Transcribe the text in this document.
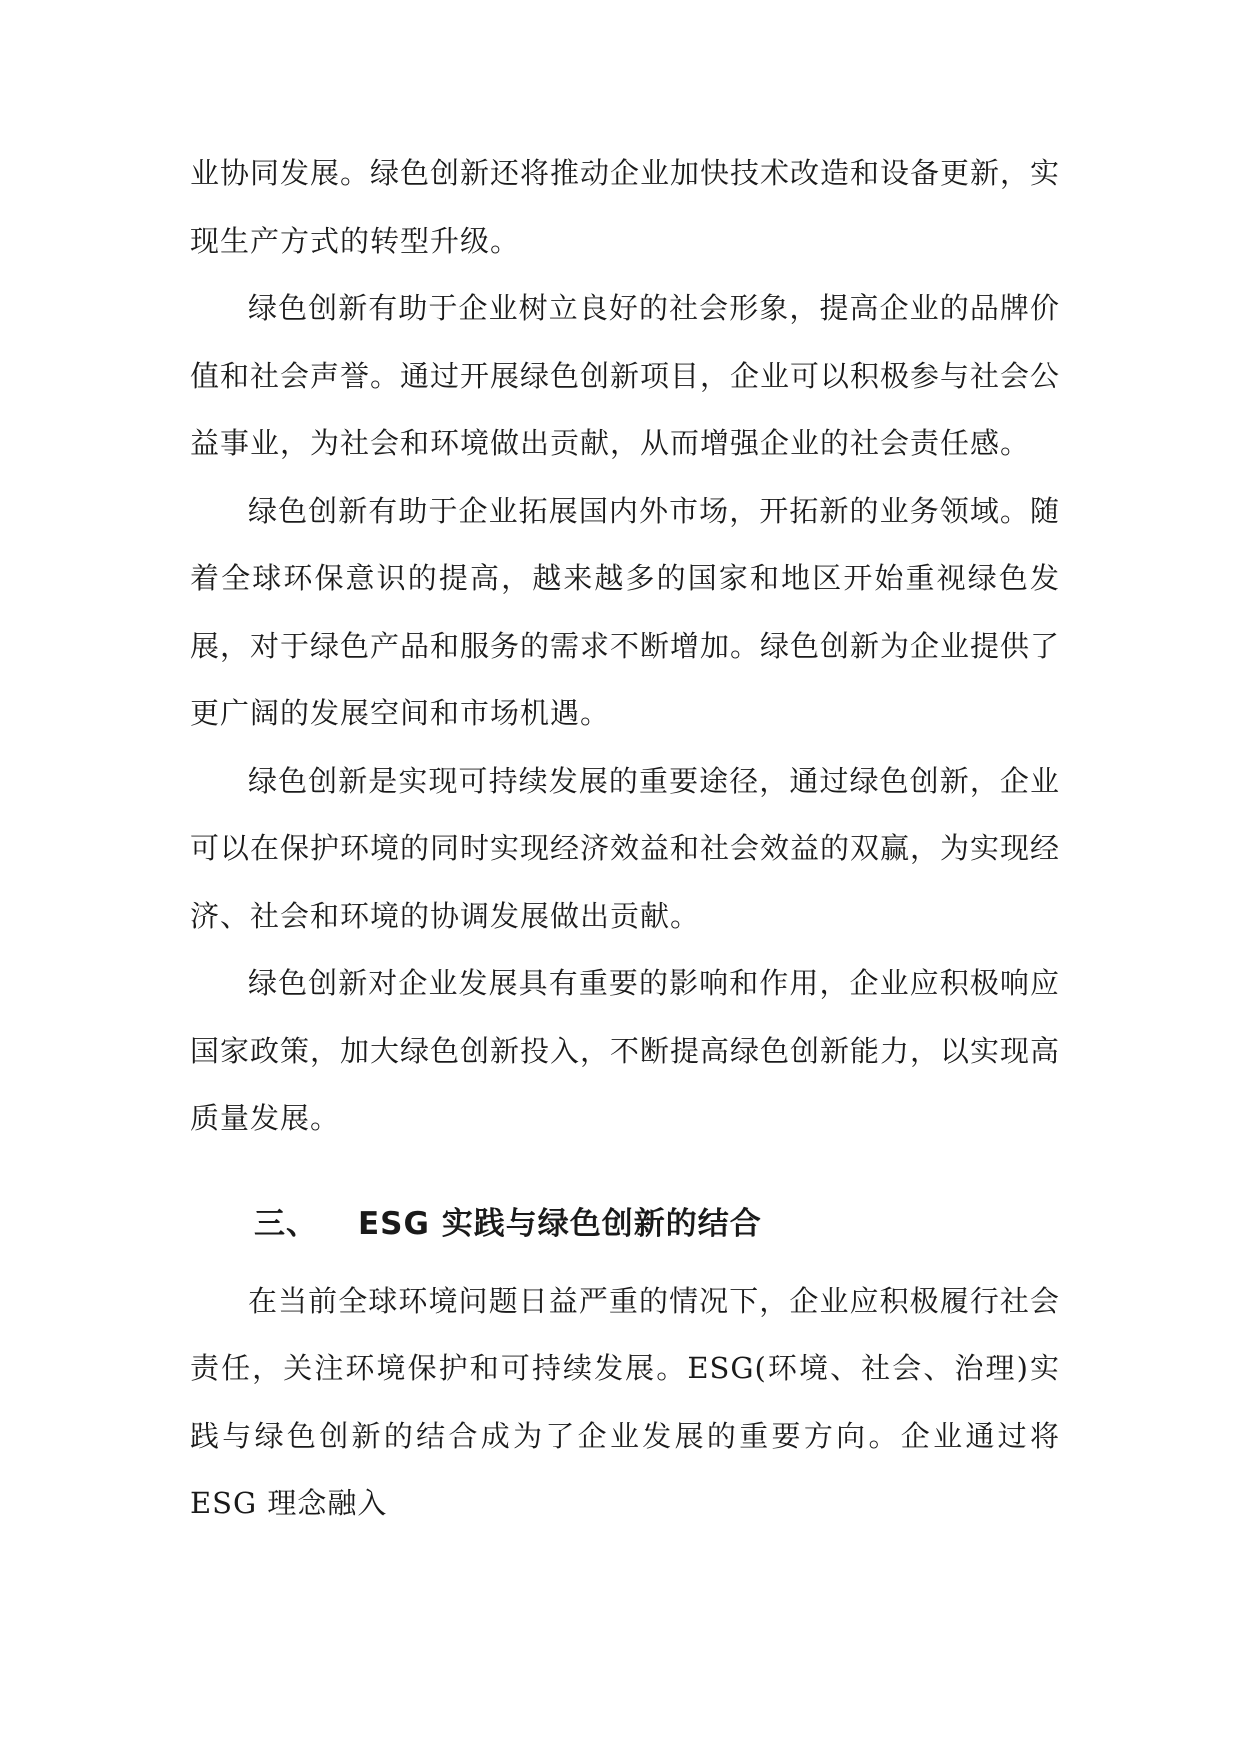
业协同发展。绿色创新还将推动企业加快技术改造和设备更新，实现生产方式的转型升级。

绿色创新有助于企业树立良好的社会形象，提高企业的品牌价值和社会声誉。通过开展绿色创新项目，企业可以积极参与社会公益事业，为社会和环境做出贡献，从而增强企业的社会责任感。

绿色创新有助于企业拓展国内外市场，开拓新的业务领域。随着全球环保意识的提高，越来越多的国家和地区开始重视绿色发展，对于绿色产品和服务的需求不断增加。绿色创新为企业提供了更广阔的发展空间和市场机遇。

绿色创新是实现可持续发展的重要途径，通过绿色创新，企业可以在保护环境的同时实现经济效益和社会效益的双赢，为实现经济、社会和环境的协调发展做出贡献。

绿色创新对企业发展具有重要的影响和作用，企业应积极响应国家政策，加大绿色创新投入，不断提高绿色创新能力，以实现高质量发展。

三、 ESG 实践与绿色创新的结合

在当前全球环境问题日益严重的情况下，企业应积极履行社会责任，关注环境保护和可持续发展。ESG(环境、社会、治理)实践与绿色创新的结合成为了企业发展的重要方向。企业通过将 ESG 理念融入
